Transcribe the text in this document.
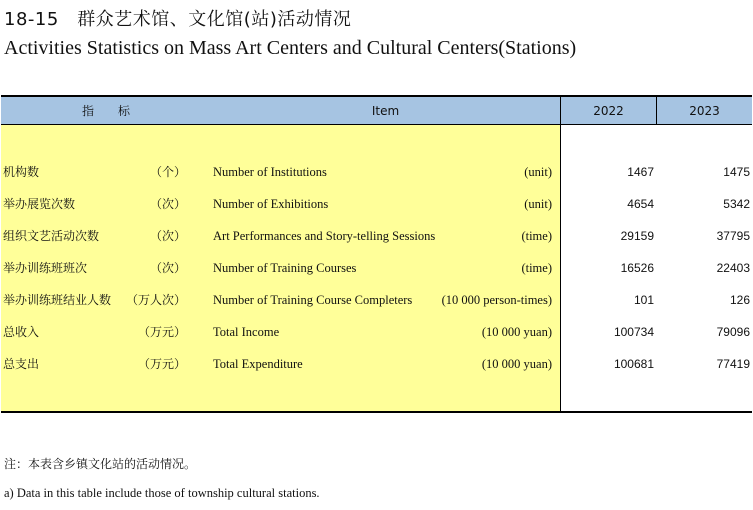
18-15　群众艺术馆、文化馆(站)活动情况
Activities Statistics on Mass Art Centers and Cultural Centers(Stations)
指　　标	Item	2022	2023
机构数	（个） Number of Institutions	(unit)	1467	1475
举办展览次数	（次） Number of Exhibitions	(unit)	4654	5342
组织文艺活动次数	（次） Art Performances and Story-telling Sessions	(time)	29159	37795
举办训练班班次	（次） Number of Training Courses	(time)	16526	22403
举办训练班结业人数 （万人次） Number of Training Course Completers (10 000 person-times)	101	126
总收入	（万元） Total Income	(10 000 yuan)	100734	79096
总支出	（万元） Total Expenditure	(10 000 yuan)	100681	77419
注：本表含乡镇文化站的活动情况。
a) Data in this table include those of township cultural stations.
